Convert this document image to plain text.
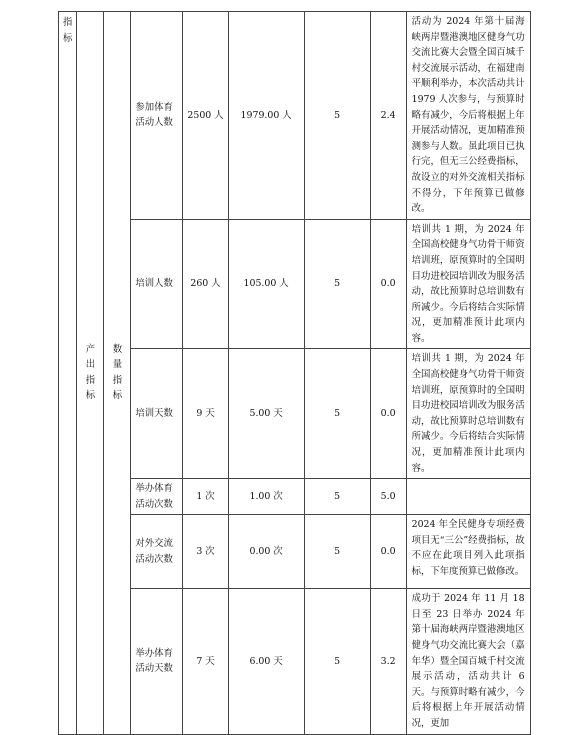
指标	产出指标	数量指标	参加体育活动人数	2500 人	1979.00 人	5	2.4	活动为 2024 年第十届海峡两岸暨港澳地区健身气功交流比赛大会暨全国百城千村交流展示活动，在福建南平顺利举办，本次活动共计 1979 人次参与，与预算时略有减少，今后将根据上年开展活动情况，更加精准预测参与人数。虽此项目已执行完，但无三公经费指标，故设立的对外交流相关指标不得分，下年预算已做修改。
			培训人数	260 人	105.00 人	5	0.0	培训共 1 期，为 2024 年全国高校健身气功骨干师资培训班，原预算时的全国明目功进校园培训改为服务活动，故比预算时总培训数有所减少。今后将结合实际情况，更加精准预计此项内容。
			培训天数	9 天	5.00 天	5	0.0	培训共 1 期，为 2024 年全国高校健身气功骨干师资培训班，原预算时的全国明目功进校园培训改为服务活动，故比预算时总培训数有所减少。今后将结合实际情况，更加精准预计此项内容。
			举办体育活动次数	1 次	1.00 次	5	5.0	
			对外交流活动次数	3 次	0.00 次	5	0.0	2024 年全民健身专项经费项目无“三公”经费指标，故不应在此项目列入此项指标，下年度预算已做修改。
			举办体育活动天数	7 天	6.00 天	5	3.2	成功于 2024 年 11 月 18 日至 23 日举办 2024 年第十届海峡两岸暨港澳地区健身气功交流比赛大会（嘉年华）暨全国百城千村交流展示活动，活动共计 6 天。与预算时略有减少，今后将根据上年开展活动情况，更加
